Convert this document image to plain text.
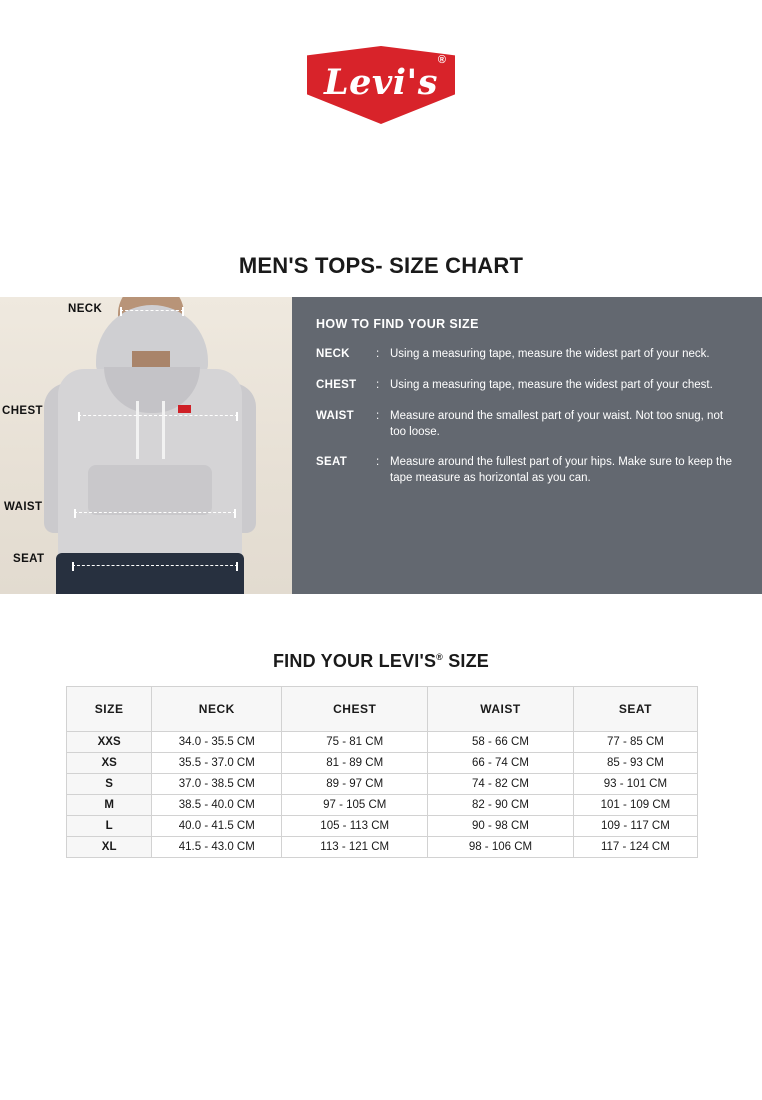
Levi's
®
MEN'S TOPS- SIZE CHART
HOW TO FIND YOUR SIZE
NECK	: Using a measuring tape, measure the widest part of your neck.
CHEST	: Using a measuring tape, measure the widest part of your chest.
WAIST	: Measure around the smallest part of your waist. Not too snug, not too loose.
SEAT	: Measure around the fullest part of your hips. Make sure to keep the tape measure as horizontal as you can.
NECK
CHEST
WAIST
SEAT
FIND YOUR LEVI'S® SIZE
SIZE	NECK	CHEST	WAIST	SEAT
XXS	34.0 - 35.5 CM	75 - 81 CM	58 - 66 CM	77 - 85 CM
XS	35.5 - 37.0 CM	81 - 89 CM	66 - 74 CM	85 - 93 CM
S	37.0 - 38.5 CM	89 - 97 CM	74 - 82 CM	93 - 101 CM
M	38.5 - 40.0 CM	97 - 105 CM	82 - 90 CM	101 - 109 CM
L	40.0 - 41.5 CM	105 - 113 CM	90 - 98 CM	109 - 117 CM
XL	41.5 - 43.0 CM	113 - 121 CM	98 - 106 CM	117 - 124 CM
